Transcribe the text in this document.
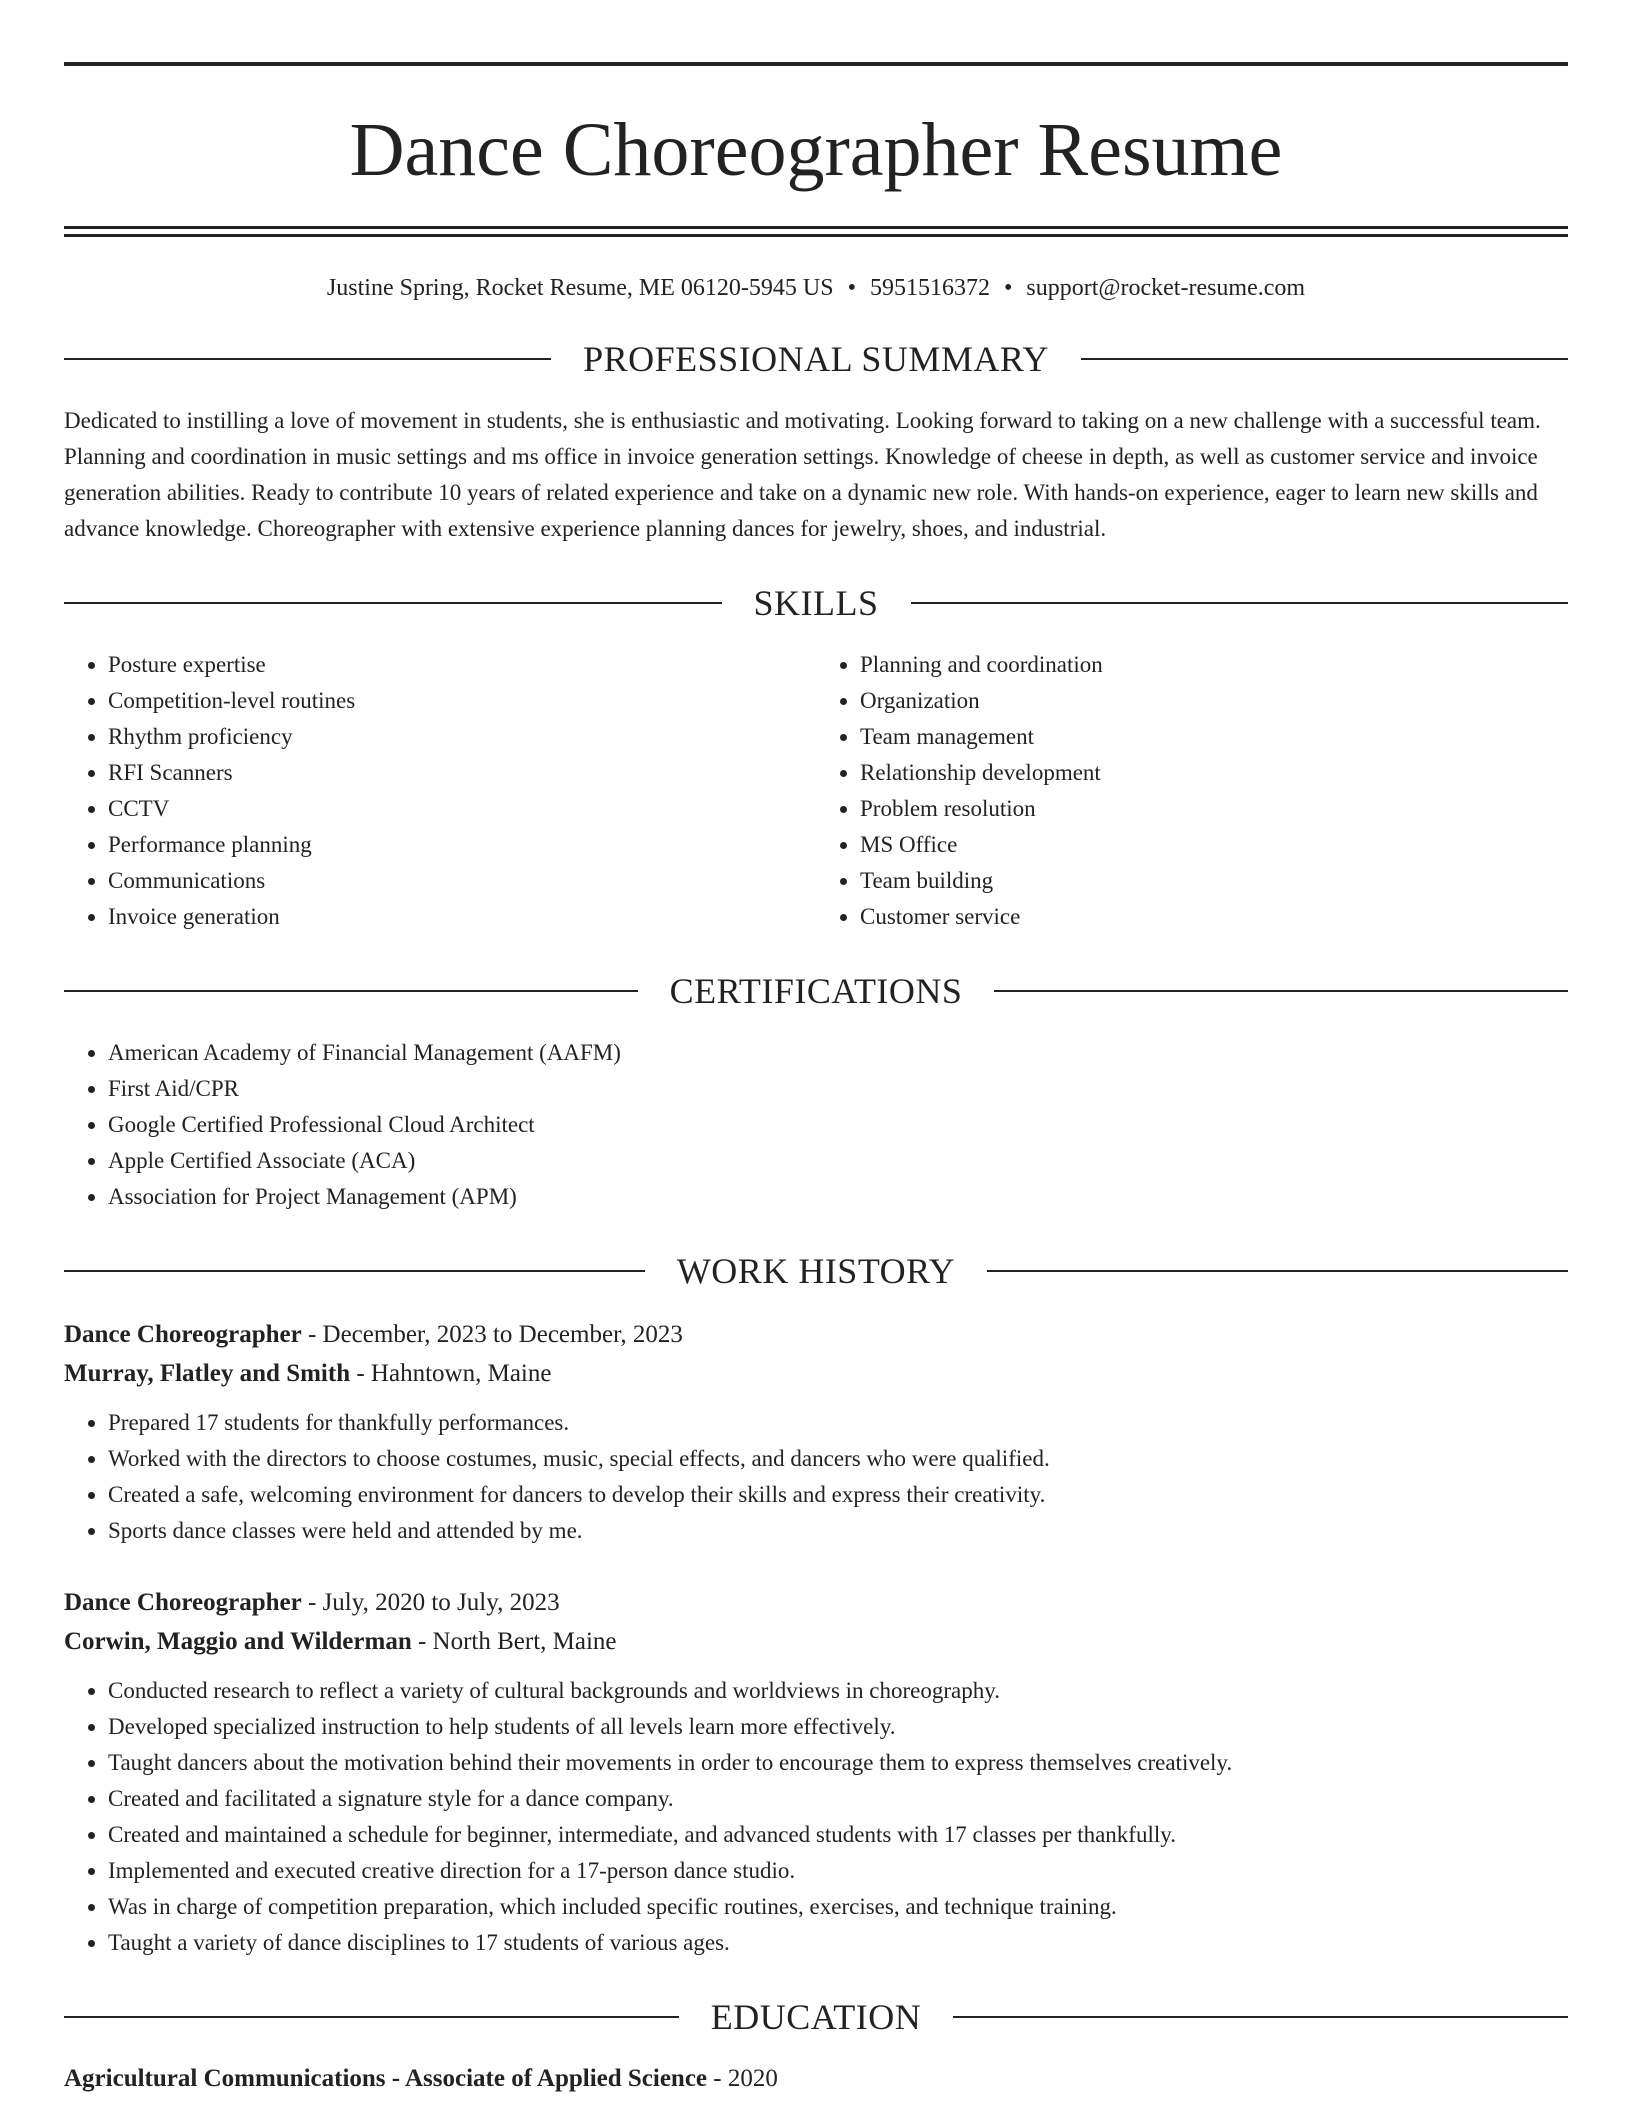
Dance Choreographer Resume
Justine Spring, Rocket Resume, ME 06120-5945 US • 5951516372 • support@rocket-resume.com
PROFESSIONAL SUMMARY

Dedicated to instilling a love of movement in students, she is enthusiastic and motivating. Looking forward to taking on a new challenge with a successful team. Planning and coordination in music settings and ms office in invoice generation settings. Knowledge of cheese in depth, as well as customer service and invoice generation abilities. Ready to contribute 10 years of related experience and take on a dynamic new role. With hands-on experience, eager to learn new skills and advance knowledge. Choreographer with extensive experience planning dances for jewelry, shoes, and industrial.

SKILLS
• Posture expertise
• Competition-level routines
• Rhythm proficiency
• RFI Scanners
• CCTV
• Performance planning
• Communications
• Invoice generation
• Planning and coordination
• Organization
• Team management
• Relationship development
• Problem resolution
• MS Office
• Team building
• Customer service
CERTIFICATIONS
• American Academy of Financial Management (AAFM)
• First Aid/CPR
• Google Certified Professional Cloud Architect
• Apple Certified Associate (ACA)
• Association for Project Management (APM)
WORK HISTORY
Dance Choreographer - December, 2023 to December, 2023
Murray, Flatley and Smith - Hahntown, Maine
• Prepared 17 students for thankfully performances.
• Worked with the directors to choose costumes, music, special effects, and dancers who were qualified.
• Created a safe, welcoming environment for dancers to develop their skills and express their creativity.
• Sports dance classes were held and attended by me.
Dance Choreographer - July, 2020 to July, 2023
Corwin, Maggio and Wilderman - North Bert, Maine
• Conducted research to reflect a variety of cultural backgrounds and worldviews in choreography.
• Developed specialized instruction to help students of all levels learn more effectively.
• Taught dancers about the motivation behind their movements in order to encourage them to express themselves creatively.
• Created and facilitated a signature style for a dance company.
• Created and maintained a schedule for beginner, intermediate, and advanced students with 17 classes per thankfully.
• Implemented and executed creative direction for a 17-person dance studio.
• Was in charge of competition preparation, which included specific routines, exercises, and technique training.
• Taught a variety of dance disciplines to 17 students of various ages.
EDUCATION
Agricultural Communications - Associate of Applied Science - 2020
